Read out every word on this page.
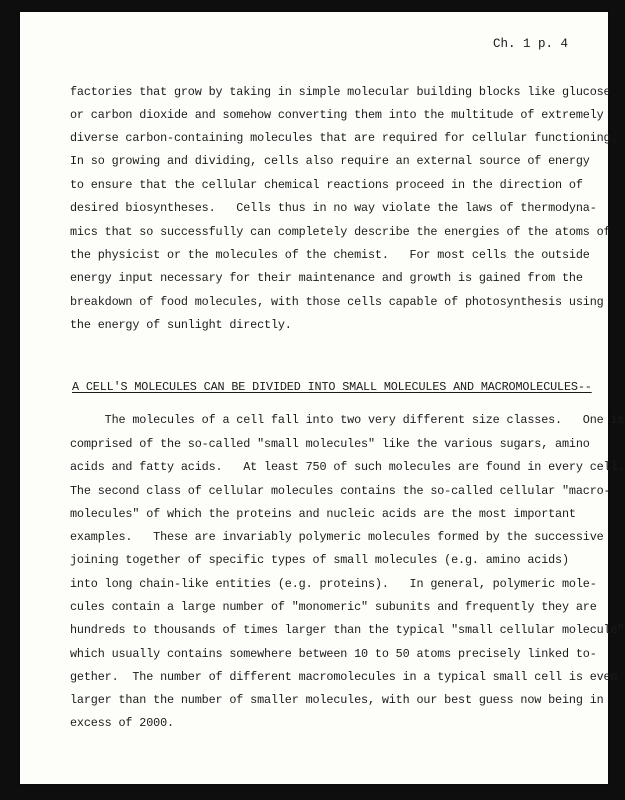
Ch. 1 p. 4
factories that grow by taking in simple molecular building blocks like glucose
or carbon dioxide and somehow converting them into the multitude of extremely
diverse carbon-containing molecules that are required for cellular functioning.
In so growing and dividing, cells also require an external source of energy
to ensure that the cellular chemical reactions proceed in the direction of
desired biosyntheses.   Cells thus in no way violate the laws of thermodyna-
mics that so successfully can completely describe the energies of the atoms of
the physicist or the molecules of the chemist.   For most cells the outside
energy input necessary for their maintenance and growth is gained from the
breakdown of food molecules, with those cells capable of photosynthesis using
the energy of sunlight directly.
A CELL'S MOLECULES CAN BE DIVIDED INTO SMALL MOLECULES AND MACROMOLECULES--
The molecules of a cell fall into two very different size classes.   One is
comprised of the so-called "small molecules" like the various sugars, amino
acids and fatty acids.   At least 750 of such molecules are found in every cell.
The second class of cellular molecules contains the so-called cellular "macro-
molecules" of which the proteins and nucleic acids are the most important
examples.   These are invariably polymeric molecules formed by the successive
joining together of specific types of small molecules (e.g. amino acids)
into long chain-like entities (e.g. proteins).   In general, polymeric mole-
cules contain a large number of "monomeric" subunits and frequently they are
hundreds to thousands of times larger than the typical "small cellular molecule"
which usually contains somewhere between 10 to 50 atoms precisely linked to-
gether.  The number of different macromolecules in a typical small cell is even
larger than the number of smaller molecules, with our best guess now being in
excess of 2000.
